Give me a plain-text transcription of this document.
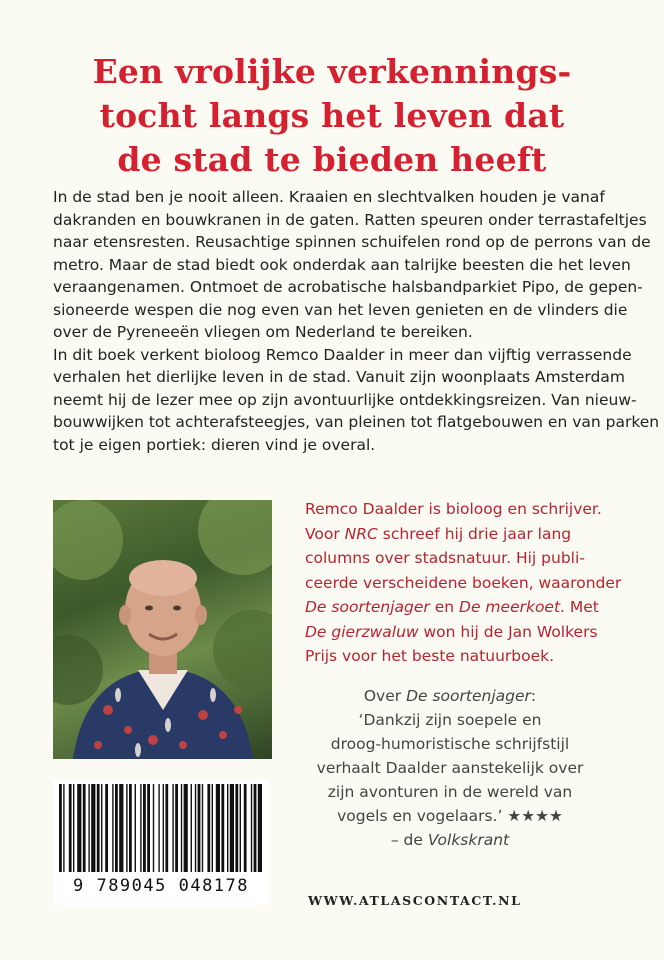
Een vrolijke verkennings-
tocht langs het leven dat
de stad te bieden heeft
In de stad ben je nooit alleen. Kraaien en slechtvalken houden je vanaf
dakranden en bouwkranen in de gaten. Ratten speuren onder terrastafeltjes
naar etensresten. Reusachtige spinnen schuifelen rond op de perrons van de
metro. Maar de stad biedt ook onderdak aan talrijke beesten die het leven
veraangenamen. Ontmoet de acrobatische halsbandparkiet Pipo, de gepen-
sioneerde wespen die nog even van het leven genieten en de vlinders die
over de Pyreneeën vliegen om Nederland te bereiken.
In dit boek verkent bioloog Remco Daalder in meer dan vijftig verrassende
verhalen het dierlijke leven in de stad. Vanuit zijn woonplaats Amsterdam
neemt hij de lezer mee op zijn avontuurlijke ontdekkingsreizen. Van nieuw-
bouwwijken tot achterafsteegjes, van pleinen tot flatgebouwen en van parken
tot je eigen portiek: dieren vind je overal.
Remco Daalder is bioloog en schrijver.
Voor NRC schreef hij drie jaar lang
columns over stadsnatuur. Hij publi-
ceerde verscheidene boeken, waaronder
De soortenjager en De meerkoet. Met
De gierzwaluw won hij de Jan Wolkers
Prijs voor het beste natuurboek.
Over De soortenjager:
‘Dankzij zijn soepele en
droog-humoristische schrijfstijl
verhaalt Daalder aanstekelijk over
zijn avonturen in de wereld van
vogels en vogelaars.’ ★★★★
– de Volkskrant
9 789045 048178
WWW.ATLASCONTACT.NL
